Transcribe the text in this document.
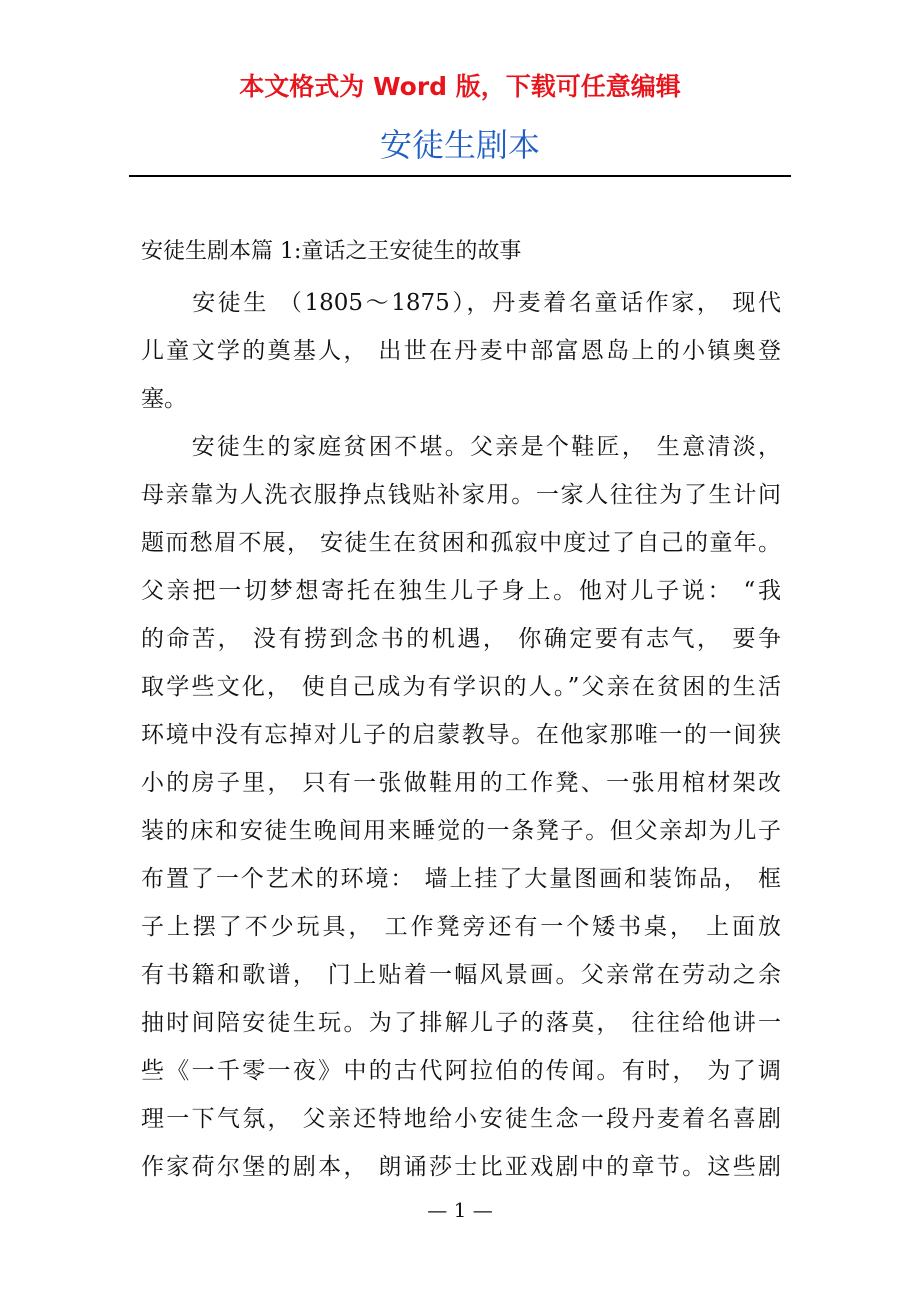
本文格式为 Word 版，下载可任意编辑
安徒生剧本
安徒生剧本篇 1:童话之王安徒生的故事
　　安徒生 （1805～1875），丹麦着名童话作家， 现代
儿童文学的奠基人， 出世在丹麦中部富恩岛上的小镇奥登
塞。
　　安徒生的家庭贫困不堪。父亲是个鞋匠， 生意清淡，
母亲靠为人洗衣服挣点钱贴补家用。一家人往往为了生计问
题而愁眉不展， 安徒生在贫困和孤寂中度过了自己的童年。
父亲把一切梦想寄托在独生儿子身上。他对儿子说： “我
的命苦， 没有捞到念书的机遇， 你确定要有志气， 要争
取学些文化， 使自己成为有学识的人。”父亲在贫困的生活
环境中没有忘掉对儿子的启蒙教导。在他家那唯一的一间狭
小的房子里， 只有一张做鞋用的工作凳、一张用棺材架改
装的床和安徒生晚间用来睡觉的一条凳子。但父亲却为儿子
布置了一个艺术的环境： 墙上挂了大量图画和装饰品， 框
子上摆了不少玩具， 工作凳旁还有一个矮书桌， 上面放
有书籍和歌谱， 门上贴着一幅风景画。父亲常在劳动之余
抽时间陪安徒生玩。为了排解儿子的落莫， 往往给他讲一
些《一千零一夜》中的古代阿拉伯的传闻。有时， 为了调
理一下气氛， 父亲还特地给小安徒生念一段丹麦着名喜剧
作家荷尔堡的剧本， 朗诵莎士比亚戏剧中的章节。这些剧
— 1 —
